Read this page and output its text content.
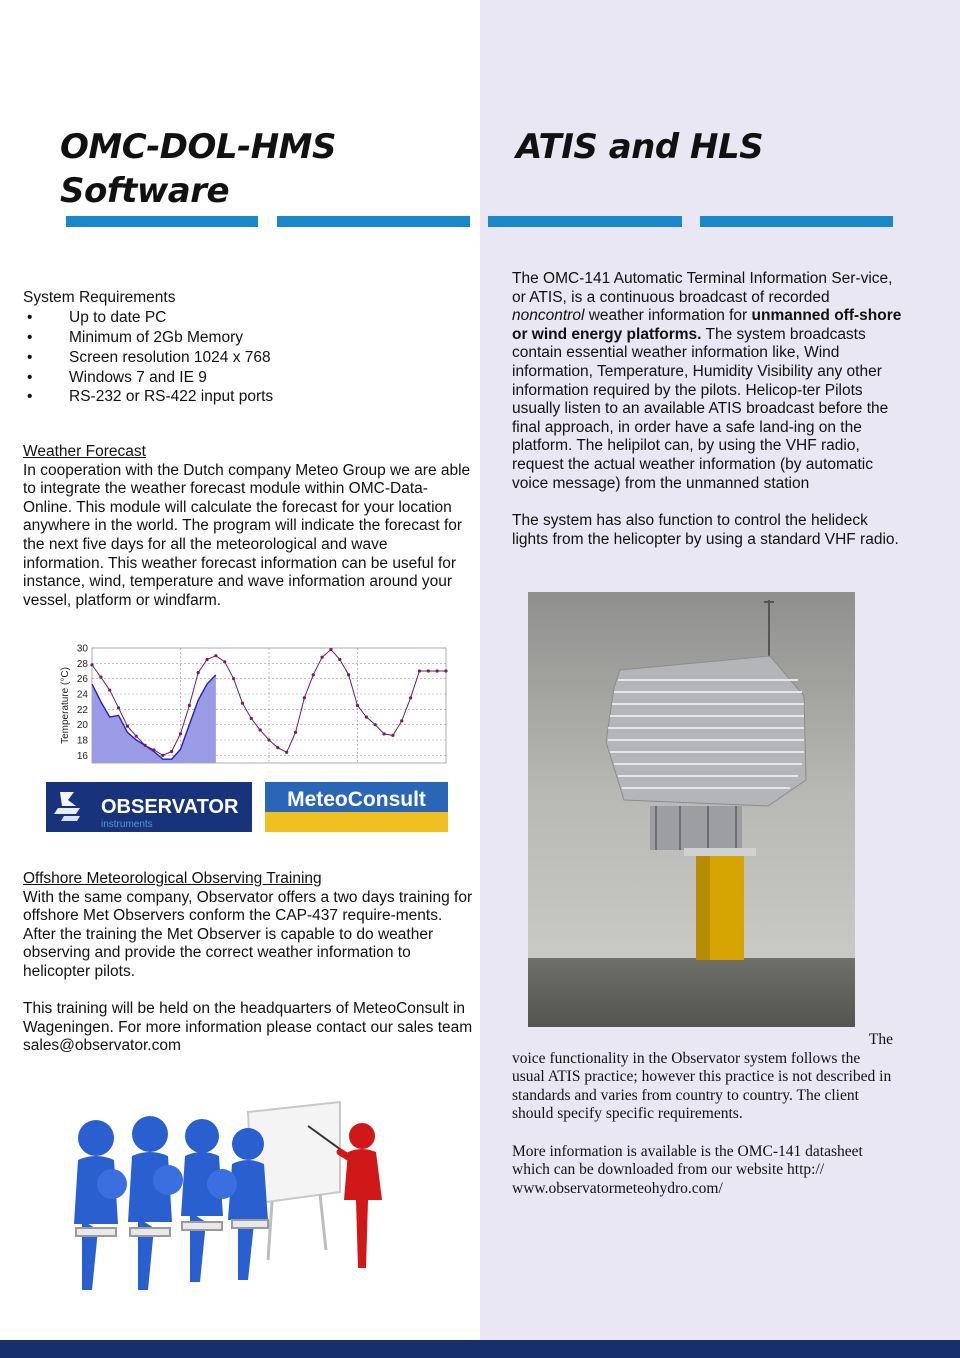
OMC-DOL-HMS Software
ATIS and HLS
System Requirements
• Up to date PC
• Minimum of 2Gb Memory
• Screen resolution 1024 x 768
• Windows 7 and IE 9
• RS-232 or RS-422 input ports
Weather Forecast
In cooperation with the Dutch company Meteo Group we are able to integrate the weather forecast module within OMC-Data-Online. This module will calculate the forecast for your location anywhere in the world. The program will indicate the forecast for the next five days for all the meteorological and wave information. This weather forecast information can be useful for instance, wind, temperature and wave information around your vessel, platform or windfarm.
30
28
26
24
22
20
18
16
Temperature (°C)
OBSERVATOR
instruments
MeteoConsult
Offshore Meteorological Observing Training
With the same company, Observator offers a two days training for offshore Met Observers conform the CAP-437 require-ments. After the training the Met Observer is capable to do weather observing and provide the correct weather information to helicopter pilots.
This training will be held on the headquarters of MeteoConsult in Wageningen. For more information please contact our sales team sales@observator.com
The OMC-141 Automatic Terminal Information Ser-vice, or ATIS, is a continuous broadcast of recorded noncontrol weather information for unmanned off-shore or wind energy platforms. The system broadcasts contain essential weather information like, Wind information, Temperature, Humidity Visibility any other information required by the pilots. Helicop-ter Pilots usually listen to an available ATIS broadcast before the final approach, in order have a safe land-ing on the platform. The helipilot can, by using the VHF radio, request the actual weather information (by automatic voice message) from the unmanned station
The system has also function to control the helideck lights from the helicopter by using a standard VHF radio.
The
voice functionality in the Observator system follows the usual ATIS practice; however this practice is not described in standards and varies from country to country. The client should specify specific requirements.
More information is available is the OMC-141 datasheet which can be downloaded from our website http:// www.observatormeteohydro.com/
